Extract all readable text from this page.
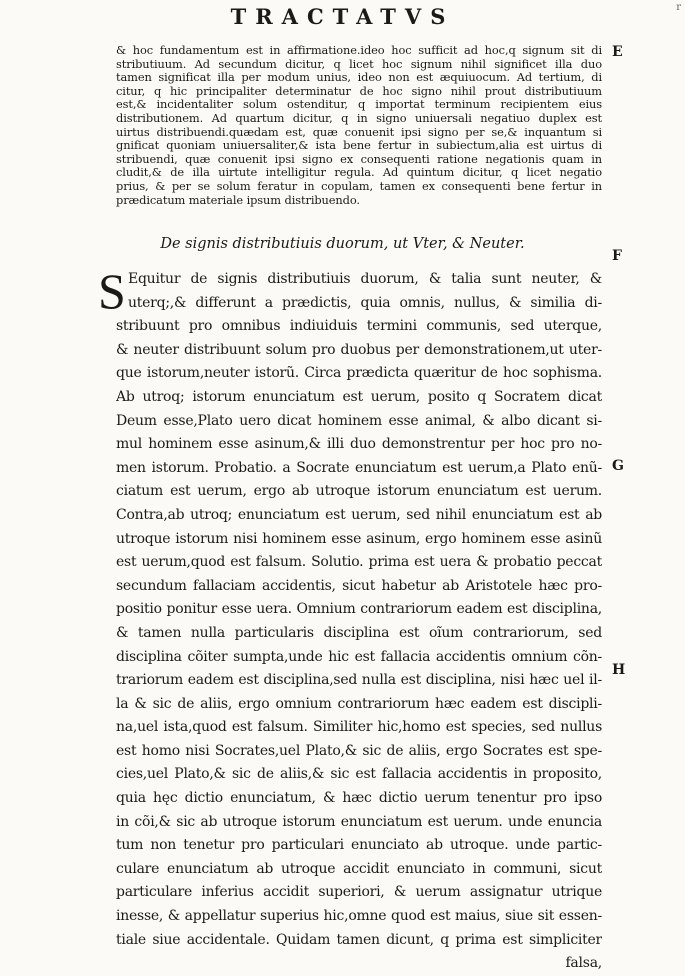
TRACTATVS	r
& hoc fundamentum est in affirmatione.ideo hoc sufficit ad hoc,q signum sit di
stributiuum. Ad secundum dicitur, q licet hoc signum nihil significet illa duo
tamen significat illa per modum unius, ideo non est æquiuocum. Ad tertium, di
citur, q hic principaliter determinatur de hoc signo nihil prout distributiuum
est,& incidentaliter solum ostenditur, q importat terminum recipientem eius
distributionem. Ad quartum dicitur, q in signo uniuersali negatiuo duplex est
uirtus distribuendi.quædam est, quæ conuenit ipsi signo per se,& inquantum si
gnificat quoniam uniuersaliter,& ista bene fertur in subiectum,alia est uirtus di
stribuendi, quæ conuenit ipsi signo ex consequenti ratione negationis quam in
cludit,& de illa uirtute intelligitur regula. Ad quintum dicitur, q licet negatio
prius, & per se solum feratur in copulam, tamen ex consequenti bene fertur in
prædicatum materiale ipsum distribuendo.
De signis distributiuis duorum, ut Vter, & Neuter.
S Equitur de signis distributiuis duorum, & talia sunt neuter, &
uterq;,& differunt a prædictis, quia omnis, nullus, & similia di-
stribuunt pro omnibus indiuiduis termini communis, sed uterque,
& neuter distribuunt solum pro duobus per demonstrationem,ut uter-
que istorum,neuter istorũ. Circa prædicta quæritur de hoc sophisma.
Ab utroq; istorum enunciatum est uerum, posito q Socratem dicat
Deum esse,Plato uero dicat hominem esse animal, & albo dicant si-
mul hominem esse asinum,& illi duo demonstrentur per hoc pro no-
men istorum. Probatio. a Socrate enunciatum est uerum,a Plato enũ-
ciatum est uerum, ergo ab utroque istorum enunciatum est uerum.
Contra,ab utroq; enunciatum est uerum, sed nihil enunciatum est ab
utroque istorum nisi hominem esse asinum, ergo hominem esse asinũ
est uerum,quod est falsum. Solutio. prima est uera & probatio peccat
secundum fallaciam accidentis, sicut habetur ab Aristotele hæc pro-
positio ponitur esse uera. Omnium contrariorum eadem est disciplina,
& tamen nulla particularis disciplina est oĩum contrariorum, sed
disciplina cõiter sumpta,unde hic est fallacia accidentis omnium cõn-
trariorum eadem est disciplina,sed nulla est disciplina, nisi hæc uel il-
la & sic de aliis, ergo omnium contrariorum hæc eadem est discipli-
na,uel ista,quod est falsum. Similiter hic,homo est species, sed nullus
est homo nisi Socrates,uel Plato,& sic de aliis, ergo Socrates est spe-
cies,uel Plato,& sic de aliis,& sic est fallacia accidentis in proposito,
quia hęc dictio enunciatum, & hæc dictio uerum tenentur pro ipso
in cõi,& sic ab utroque istorum enunciatum est uerum. unde enuncia
tum non tenetur pro particulari enunciato ab utroque. unde partic-
culare enunciatum ab utroque accidit enunciato in communi, sicut
particulare inferius accidit superiori, & uerum assignatur utrique
inesse, & appellatur superius hic,omne quod est maius, siue sit essen-
tiale siue accidentale. Quidam tamen dicunt, q prima est simpliciter
falsa,
E
F
G
H
